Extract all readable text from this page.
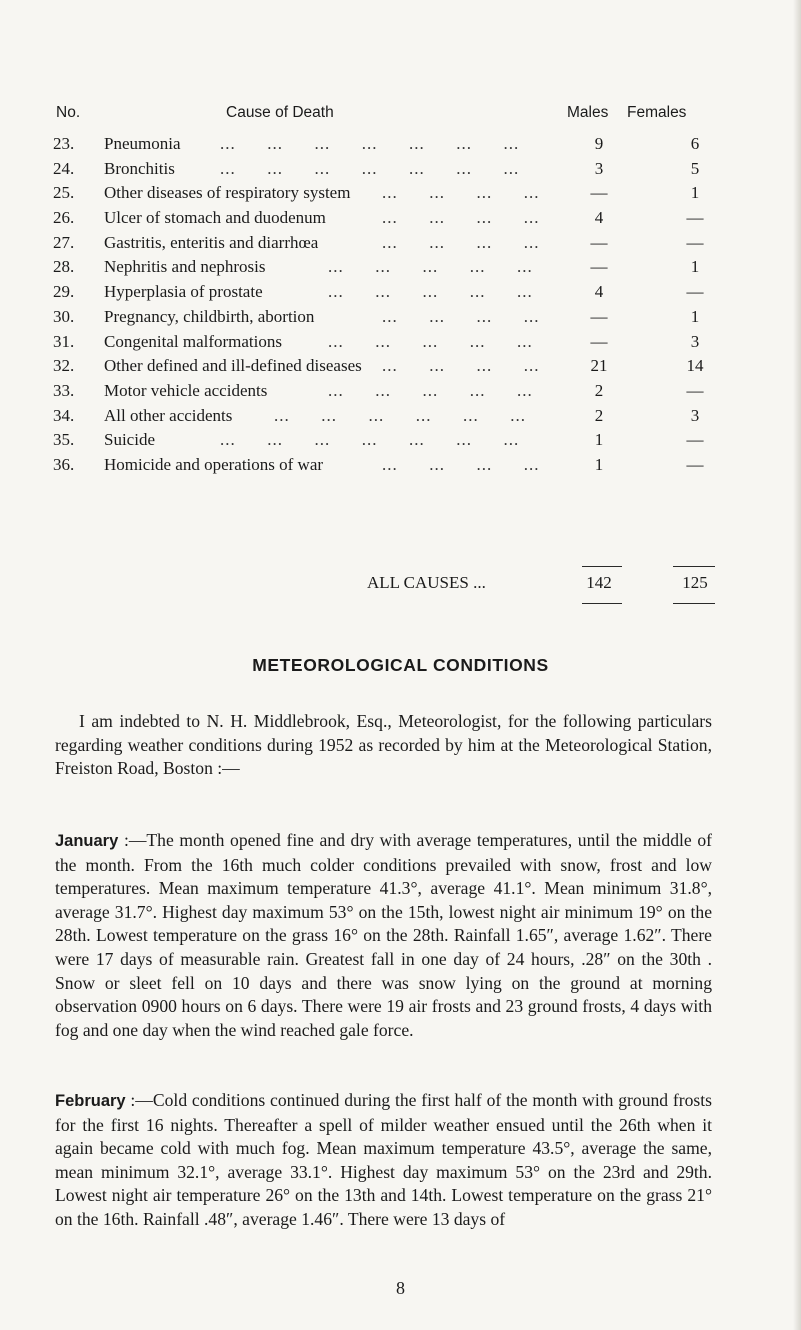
No.	Cause of Death	Males Females
23. Pneumonia ...      ...      ...      ...      ...      ...      ...	9	6
24. Bronchitis	...      ...      ...      ...      ...      ...      ...	3	5
25. Other diseases of respiratory system ...      ...      ...      ...	—	1
26. Ulcer of stomach and duodenum	...      ...      ...      ...	4	—
27. Gastritis, enteritis and diarrhœa	...      ...      ...      ...	—	—
28. Nephritis and nephrosis	...      ...      ...      ...      ...	—	1
29. Hyperplasia of prostate	...      ...      ...      ...      ...	4	—
30. Pregnancy, childbirth, abortion	...      ...      ...      ...	—	1
31. Congenital malformations	...      ...      ...      ...      ...	—	3
32. Other defined and ill-defined diseases ...      ...      ...      ...	21	14
33. Motor vehicle accidents	...      ...      ...      ...      ...	2	—
34. All other accidents ...      ...      ...      ...      ...      ...	2	3
35. Suicide	...      ...      ...      ...      ...      ...      ...	1	—
36. Homicide and operations of war	...      ...      ...      ...	1	—
ALL CAUSES ...	142	125
METEOROLOGICAL CONDITIONS

I am indebted to N. H. Middlebrook, Esq., Meteorologist, for the following particulars regarding weather conditions during 1952 as recorded by him at the Meteorological Station, Freiston Road, Boston :—

January :—The month opened fine and dry with average temperatures, until the middle of the month. From the 16th much colder conditions prevailed with snow, frost and low temperatures. Mean maximum temperature 41.3°, average 41.1°. Mean minimum 31.8°, average 31.7°. Highest day maximum 53° on the 15th, lowest night air minimum 19° on the 28th. Lowest temperature on the grass 16° on the 28th. Rainfall 1.65″, average 1.62″. There were 17 days of measurable rain. Greatest fall in one day of 24 hours, .28″ on the 30th . Snow or sleet fell on 10 days and there was snow lying on the ground at morning observation 0900 hours on 6 days. There were 19 air frosts and 23 ground frosts, 4 days with fog and one day when the wind reached gale force.

February :—Cold conditions continued during the first half of the month with ground frosts for the first 16 nights. Thereafter a spell of milder weather ensued until the 26th when it again became cold with much fog. Mean maximum temperature 43.5°, average the same, mean minimum 32.1°, average 33.1°. Highest day maximum 53° on the 23rd and 29th. Lowest night air temperature 26° on the 13th and 14th. Lowest temperature on the grass 21° on the 16th. Rainfall .48″, average 1.46″. There were 13 days of

8
